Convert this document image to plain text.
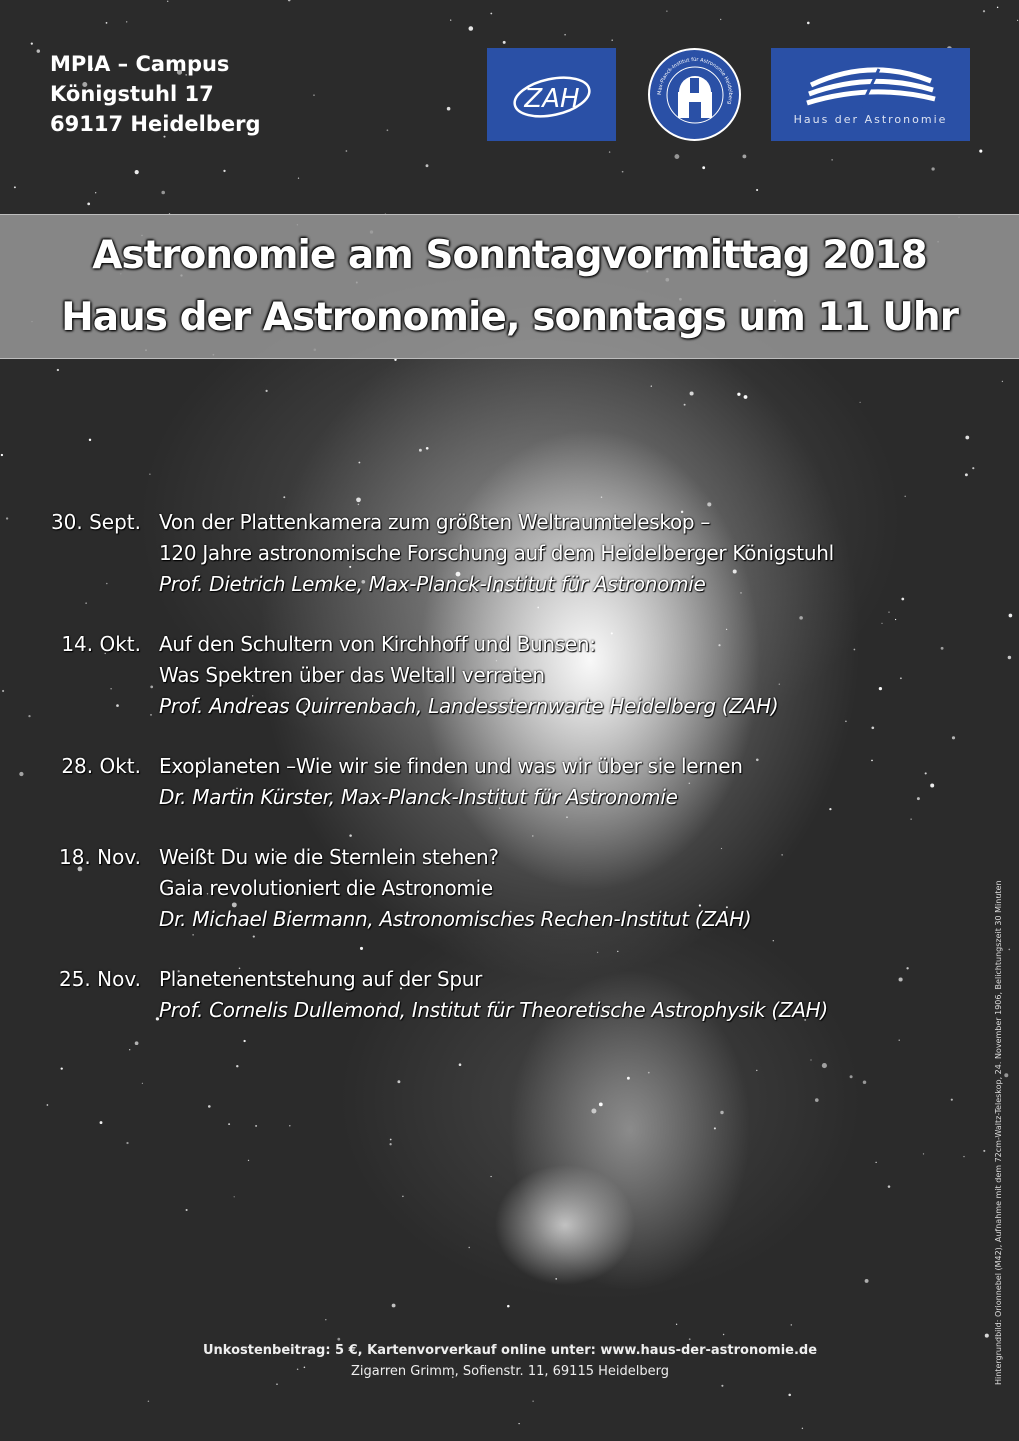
MPIA – Campus
Königstuhl 17
69117 Heidelberg
ZAH	Max-Planck-Institut für Astronomie Heidelberg
Haus der Astronomie
Astronomie am Sonntagvormittag 2018
Haus der Astronomie, sonntags um 11 Uhr
30. Sept. Von der Plattenkamera zum größten Weltraumteleskop –
120 Jahre astronomische Forschung auf dem Heidelberger Königstuhl
Prof. Dietrich Lemke, Max-Planck-Institut für Astronomie
14. Okt. Auf den Schultern von Kirchhoff und Bunsen:
Was Spektren über das Weltall verraten
Prof. Andreas Quirrenbach, Landessternwarte Heidelberg (ZAH)
28. Okt. Exoplaneten –Wie wir sie finden und was wir über sie lernen
Dr. Martin Kürster, Max-Planck-Institut für Astronomie
18. Nov. Weißt Du wie die Sternlein stehen?
Gaia revolutioniert die Astronomie
Dr. Michael Biermann, Astronomisches Rechen-Institut (ZAH)
25. Nov. Planetenentstehung auf der Spur
Prof. Cornelis Dullemond, Institut für Theoretische Astrophysik (ZAH)
Unkostenbeitrag: 5 €, Kartenvorverkauf online unter: www.haus-der-astronomie.de
Zigarren Grimm, Sofienstr. 11, 69115 Heidelberg	Hintergrundbild: Orionnebel (M42), Aufnahme mit dem 72cm-Waltz-Teleskop, 24. November 1906, Belichtungszeit 30 Minuten
